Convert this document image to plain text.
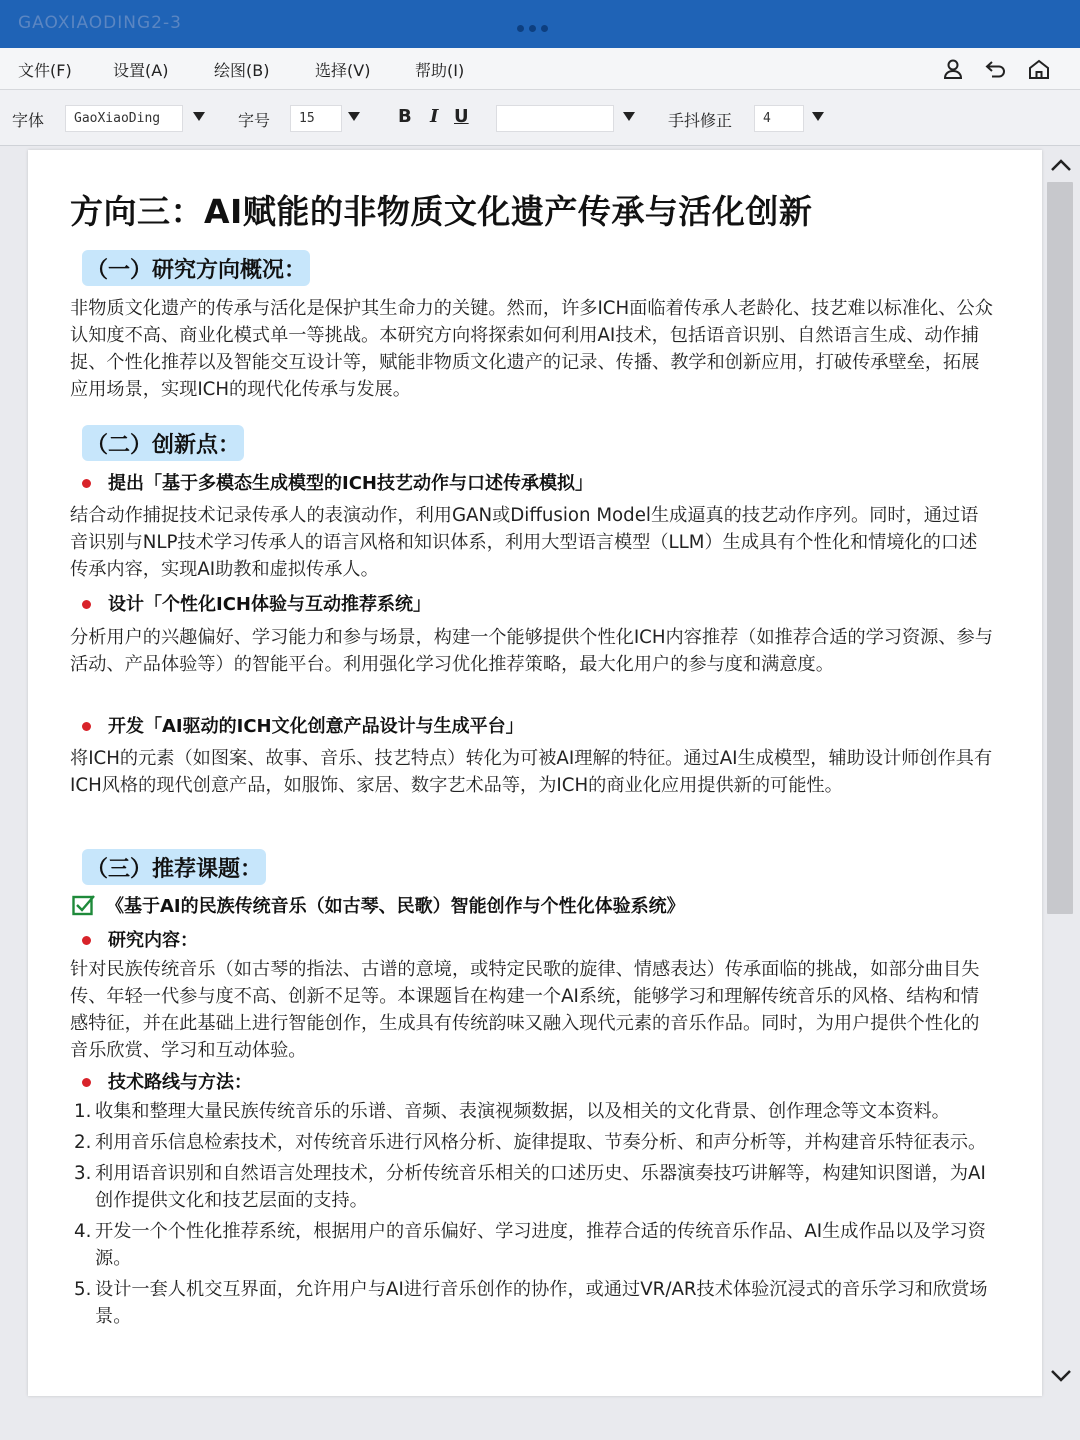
GAOXIAODING2-3
文件(F)	设置(A)	绘图(B)	选择(V)	帮助(I)
字体	GaoXiaoDing	字号	15	B I U	手抖修正	4
方向三：AI赋能的非物质文化遗产传承与活化创新
（一）研究方向概况：
非物质文化遗产的传承与活化是保护其生命力的关键。然而，许多ICH面临着传承人老龄化、技艺难以标准化、公众认知度不高、商业化模式单一等挑战。本研究方向将探索如何利用AI技术，包括语音识别、自然语言生成、动作捕捉、个性化推荐以及智能交互设计等，赋能非物质文化遗产的记录、传播、教学和创新应用，打破传承壁垒，拓展应用场景，实现ICH的现代化传承与发展。
（二）创新点：
提出「基于多模态生成模型的ICH技艺动作与口述传承模拟」
结合动作捕捉技术记录传承人的表演动作，利用GAN或Diffusion Model生成逼真的技艺动作序列。同时，通过语音识别与NLP技术学习传承人的语言风格和知识体系，利用大型语言模型（LLM）生成具有个性化和情境化的口述传承内容，实现AI助教和虚拟传承人。
设计「个性化ICH体验与互动推荐系统」
分析用户的兴趣偏好、学习能力和参与场景，构建一个能够提供个性化ICH内容推荐（如推荐合适的学习资源、参与活动、产品体验等）的智能平台。利用强化学习优化推荐策略，最大化用户的参与度和满意度。
开发「AI驱动的ICH文化创意产品设计与生成平台」
将ICH的元素（如图案、故事、音乐、技艺特点）转化为可被AI理解的特征。通过AI生成模型，辅助设计师创作具有ICH风格的现代创意产品，如服饰、家居、数字艺术品等，为ICH的商业化应用提供新的可能性。
（三）推荐课题：
《基于AI的民族传统音乐（如古琴、民歌）智能创作与个性化体验系统》
研究内容：
针对民族传统音乐（如古琴的指法、古谱的意境，或特定民歌的旋律、情感表达）传承面临的挑战，如部分曲目失传、年轻一代参与度不高、创新不足等。本课题旨在构建一个AI系统，能够学习和理解传统音乐的风格、结构和情感特征，并在此基础上进行智能创作，生成具有传统韵味又融入现代元素的音乐作品。同时，为用户提供个性化的音乐欣赏、学习和互动体验。
技术路线与方法：
1. 收集和整理大量民族传统音乐的乐谱、音频、表演视频数据，以及相关的文化背景、创作理念等文本资料。
2. 利用音乐信息检索技术，对传统音乐进行风格分析、旋律提取、节奏分析、和声分析等，并构建音乐特征表示。
3. 利用语音识别和自然语言处理技术，分析传统音乐相关的口述历史、乐器演奏技巧讲解等，构建知识图谱，为AI创作提供文化和技艺层面的支持。
4. 开发一个个性化推荐系统，根据用户的音乐偏好、学习进度，推荐合适的传统音乐作品、AI生成作品以及学习资源。
5. 设计一套人机交互界面，允许用户与AI进行音乐创作的协作，或通过VR/AR技术体验沉浸式的音乐学习和欣赏场景。
